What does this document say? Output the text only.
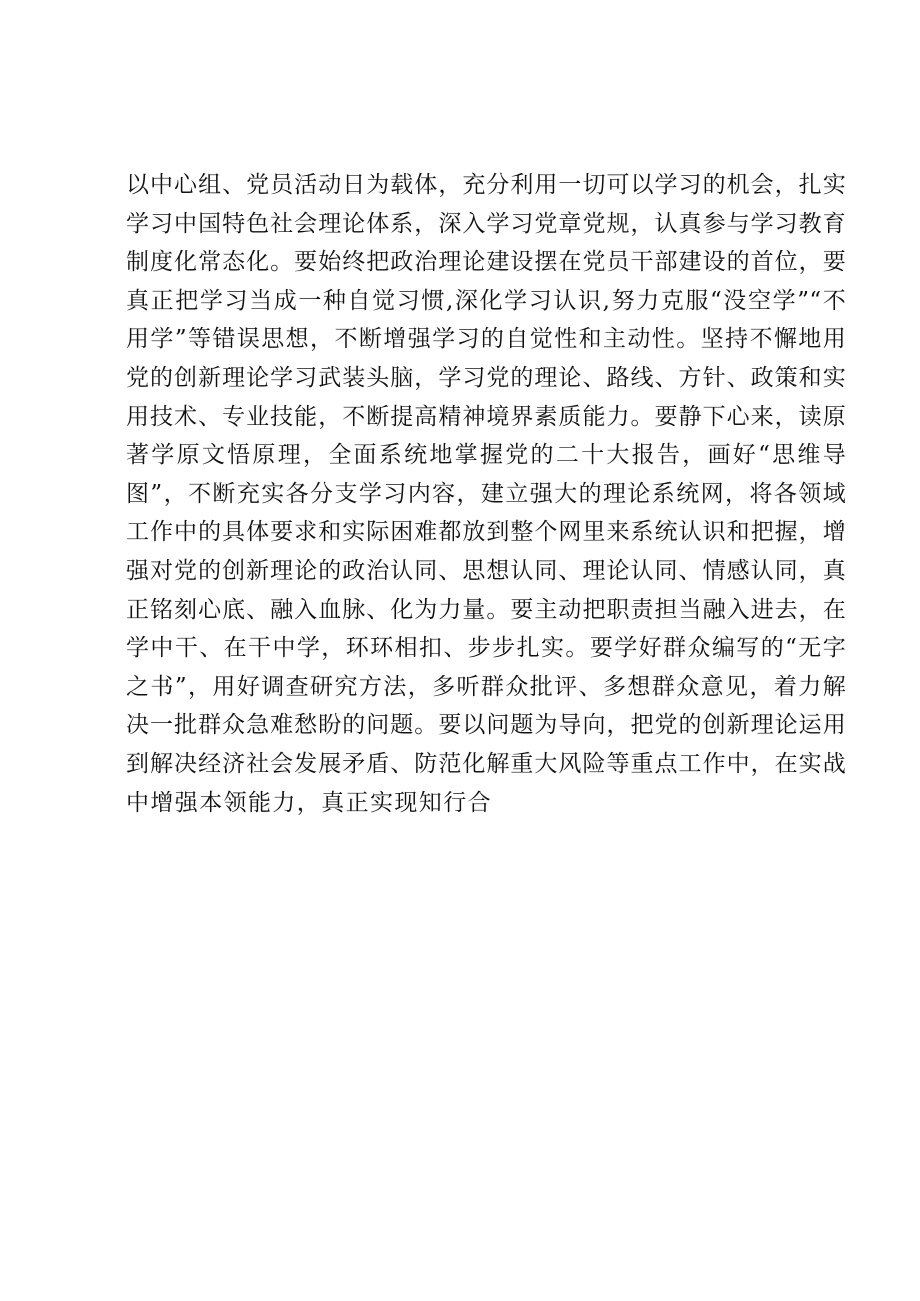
以中心组、党员活动日为载体，充分利用一切可以学习的机会，扎实
学习中国特色社会理论体系，深入学习党章党规，认真参与学习教育
制度化常态化。要始终把政治理论建设摆在党员干部建设的首位，要
真正把学习当成一种自觉习惯,深化学习认识,努力克服“没空学”“不
用学”等错误思想，不断增强学习的自觉性和主动性。坚持不懈地用
党的创新理论学习武装头脑，学习党的理论、路线、方针、政策和实
用技术、专业技能，不断提高精神境界素质能力。要静下心来，读原
著学原文悟原理，全面系统地掌握党的二十大报告，画好“思维导
图”，不断充实各分支学习内容，建立强大的理论系统网，将各领域
工作中的具体要求和实际困难都放到整个网里来系统认识和把握，增
强对党的创新理论的政治认同、思想认同、理论认同、情感认同，真
正铭刻心底、融入血脉、化为力量。要主动把职责担当融入进去，在
学中干、在干中学，环环相扣、步步扎实。要学好群众编写的“无字
之书”，用好调查研究方法，多听群众批评、多想群众意见，着力解
决一批群众急难愁盼的问题。要以问题为导向，把党的创新理论运用
到解决经济社会发展矛盾、防范化解重大风险等重点工作中，在实战
中增强本领能力，真正实现知行合
